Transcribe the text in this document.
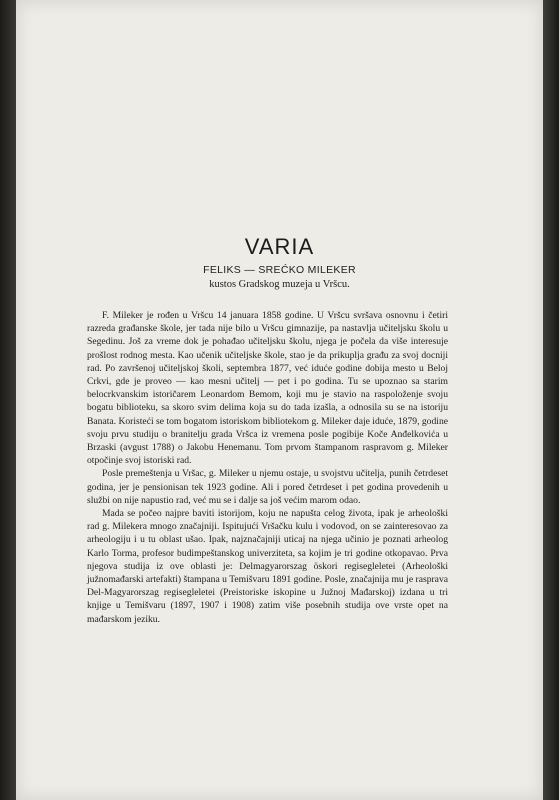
VARIA
FELIKS — SREĆKO MILEKER
kustos Gradskog muzeja u Vršcu.

F. Mileker je rođen u Vršcu 14 januara 1858 godine. U Vršcu svršava osnovnu i četiri razreda građanske škole, jer tada nije bilo u Vršcu gimnazije, pa nastavlja učiteljsku školu u Segedinu. Još za vreme dok je pohađao učiteljsku školu, njega je počela da više interesuje prošlost rodnog mesta. Kao učenik učiteljske škole, stao je da prikuplja građu za svoj docniji rad. Po završenoj učiteljskoj školi, septembra 1877, već iduće godine dobija mesto u Beloj Crkvi, gde je proveo — kao mesni učitelj — pet i po godina. Tu se upoznao sa starim belocrkvanskim istoričarem Leonardom Bemom, koji mu je stavio na raspoloženje svoju bogatu biblioteku, sa skoro svim delima koja su do tada izašla, a odnosila su se na istoriju Banata. Koristeći se tom bogatom istoriskom bibliotekom g. Mileker daje iduće, 1879, godine svoju prvu studiju o branitelju grada Vršca iz vremena posle pogibije Koče Anđelkovića u Brzaski (avgust 1788) o Jakobu Henemanu. Tom prvom štampanom raspravom g. Mileker otpočinje svoj istoriski rad.

Posle premeštenja u Vršac, g. Mileker u njemu ostaje, u svojstvu učitelja, punih četrdeset godina, jer je pensionisan tek 1923 godine. Ali i pored četrdeset i pet godina provedenih u službi on nije napustio rad, već mu se i dalje sa još većim marom odao.

Mada se počeo najpre baviti istorijom, koju ne napušta celog života, ipak je arheološki rad g. Milekera mnogo značajniji. Ispitujući Vršačku kulu i vodovod, on se zainteresovao za arheologiju i u tu oblast ušao. Ipak, najznačajniji uticaj na njega učinio je poznati arheolog Karlo Torma, profesor budimpeštanskog univerziteta, sa kojim je tri godine otkopavao. Prva njegova studija iz ove oblasti je: Delmagyarorszag öskori regisegleletei (Arheološki južnomađarski artefakti) štampana u Temišvaru 1891 godine. Posle, značajnija mu je rasprava Del-Magyarorszag regisegleletei (Preistoriske iskopine u Južnoj Mađarskoj) izdana u tri knjige u Temišvaru (1897, 1907 i 1908) zatim više posebnih studija ove vrste opet na mađarskom jeziku.
